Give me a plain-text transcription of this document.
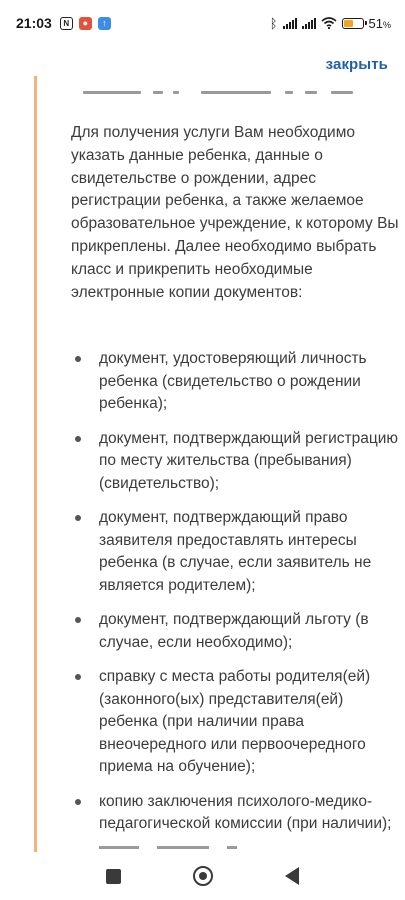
21:03	N	●	↑	ᛒ	51%
закрыть

Для получения услуги Вам необходимо указать данные ребенка, данные о свидетельстве о рождении, адрес регистрации ребенка, а также желаемое образовательное учреждение, к которому Вы прикреплены. Далее необходимо выбрать класс и прикрепить необходимые электронные копии документов:

документ, удостоверяющий личность ребенка (свидетельство о рождении ребенка);
документ, подтверждающий регистрацию по месту жительства (пребывания) (свидетельство);
документ, подтверждающий право заявителя предоставлять интересы ребенка (в случае, если заявитель не является родителем);
документ, подтверждающий льготу (в случае, если необходимо);
справку с места работы родителя(ей) (законного(ых) представителя(ей) ребенка (при наличии права внеочередного или первоочередного приема на обучение);
копию заключения психолого-медико-педагогической комиссии (при наличии);
